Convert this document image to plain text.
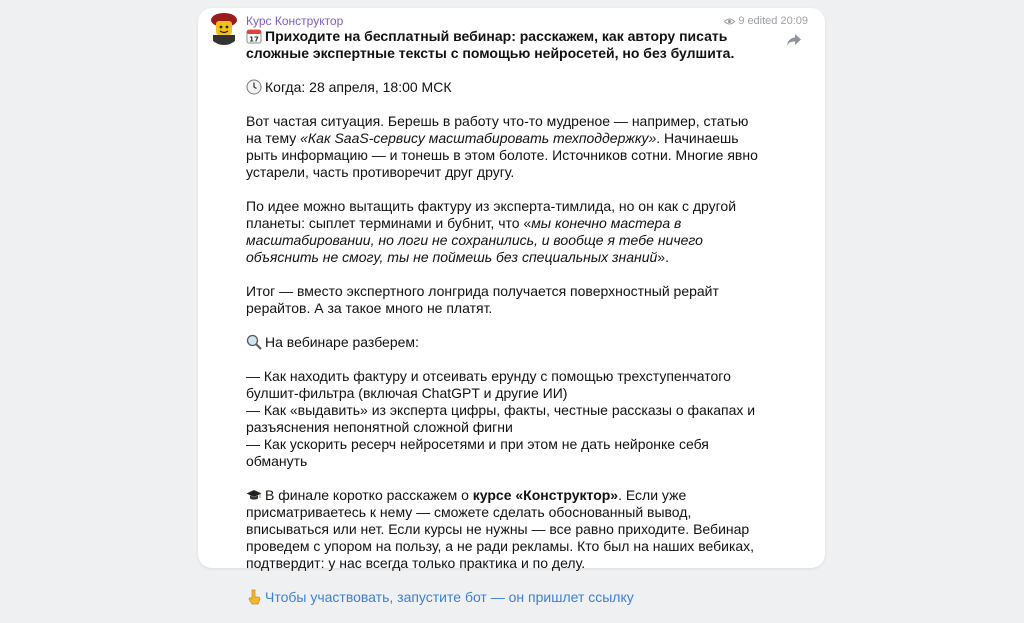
Курс Конструктор	9 edited 20:09

17 Приходите на бесплатный вебинар: расскажем, как автору писать сложные экспертные тексты с помощью нейросетей, но без булшита.

Когда: 28 апреля, 18:00 МСК

Вот частая ситуация. Берешь в работу что-то мудреное — например, статью на тему «Как SaaS-сервису масштабировать техподдержку». Начинаешь рыть информацию — и тонешь в этом болоте. Источников сотни. Многие явно устарели, часть противоречит друг другу.

По идее можно вытащить фактуру из эксперта-тимлида, но он как с другой планеты: сыплет терминами и бубнит, что «мы конечно мастера в масштабировании, но логи не сохранились, и вообще я тебе ничего объяснить не смогу, ты не поймешь без специальных знаний».

Итог — вместо экспертного лонгрида получается поверхностный рерайт рерайтов. А за такое много не платят.

На вебинаре разберем:

— Как находить фактуру и отсеивать ерунду с помощью трехступенчатого булшит-фильтра (включая ChatGPT и другие ИИ)
— Как «выдавить» из эксперта цифры, факты, честные рассказы о факапах и разъяснения непонятной сложной фигни
— Как ускорить ресерч нейросетями и при этом не дать нейронке себя обмануть

В финале коротко расскажем о курсе «Конструктор». Если уже присматриваетесь к нему — сможете сделать обоснованный вывод, вписываться или нет. Если курсы не нужны — все равно приходите. Вебинар проведем с упором на пользу, а не ради рекламы. Кто был на наших вебиках, подтвердит: у нас всегда только практика и по делу.

Чтобы участвовать, запустите бот — он пришлет ссылку
